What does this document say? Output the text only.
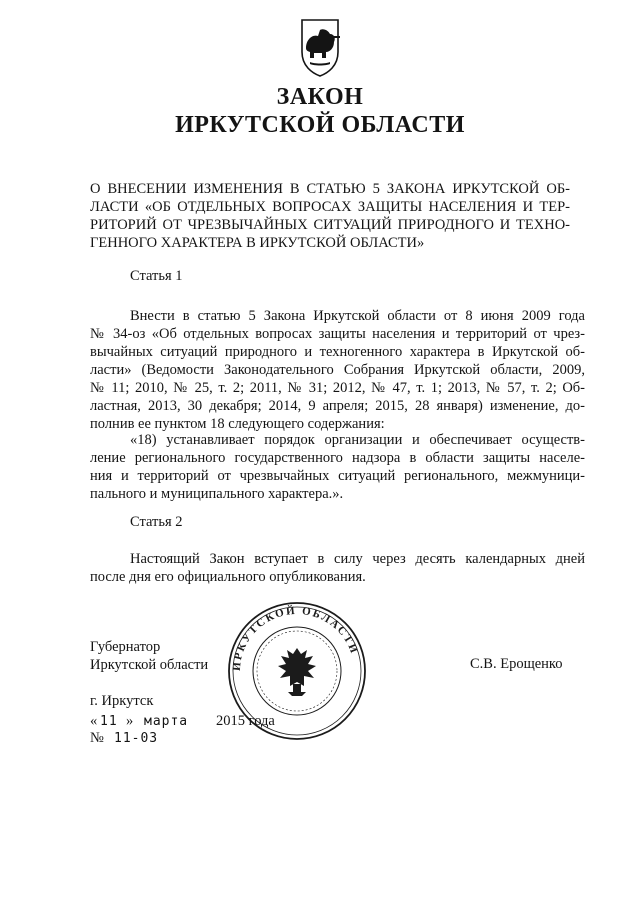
ЗАКОН
ИРКУТСКОЙ ОБЛАСТИ
О ВНЕСЕНИИ ИЗМЕНЕНИЯ В СТАТЬЮ 5 ЗАКОНА ИРКУТСКОЙ ОБ-
ЛАСТИ «ОБ ОТДЕЛЬНЫХ ВОПРОСАХ ЗАЩИТЫ НАСЕЛЕНИЯ И ТЕР-
РИТОРИЙ ОТ ЧРЕЗВЫЧАЙНЫХ СИТУАЦИЙ ПРИРОДНОГО И ТЕХНО-
ГЕННОГО ХАРАКТЕРА В ИРКУТСКОЙ ОБЛАСТИ»
Статья 1
Внести в статью 5 Закона Иркутской области от 8 июня 2009 года
№ 34-оз «Об отдельных вопросах защиты населения и территорий от чрез-
вычайных ситуаций природного и техногенного характера в Иркутской об-
ласти» (Ведомости Законодательного Собрания Иркутской области, 2009,
№ 11; 2010, № 25, т. 2; 2011, № 31; 2012, № 47, т. 1; 2013, № 57, т. 2; Об-
ластная, 2013, 30 декабря; 2014, 9 апреля; 2015, 28 января) изменение, до-
полнив ее пунктом 18 следующего содержания:
«18) устанавливает порядок организации и обеспечивает осуществ-
ление регионального государственного надзора в области защиты населе-
ния и территорий от чрезвычайных ситуаций регионального, межмуници-
пального и муниципального характера.».
Статья 2
Настоящий Закон вступает в силу через десять календарных дней
после дня его официального опубликования.
ИРКУТСКОЙ ОБЛАСТИ
Губернатор
Иркутской области	С.В. Ерощенко
г. Иркутск
« 11 » марта 2015 года
№ 11-03
